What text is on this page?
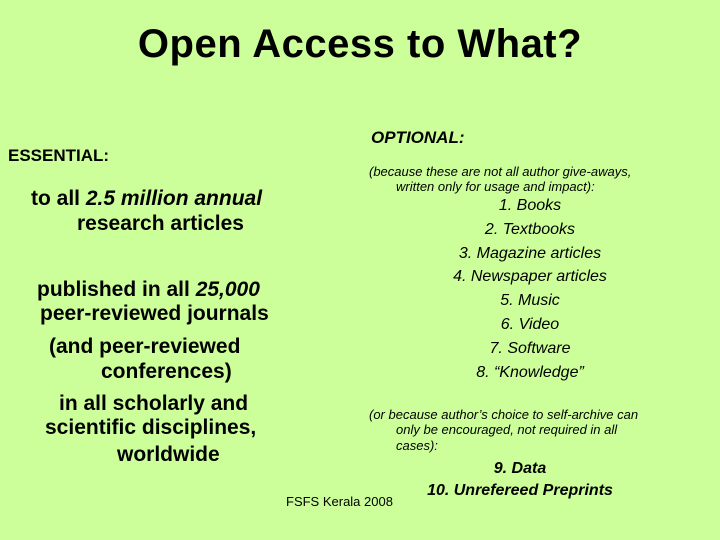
Open Access to What?
ESSENTIAL:
to all 2.5 million annual
research articles
published in all 25,000
peer-reviewed journals
(and peer-reviewed
conferences)
in all scholarly and
scientific disciplines,
worldwide
OPTIONAL:
(because these are not all author give-aways,
written only for usage and impact):
1. Books
2. Textbooks
3. Magazine articles
4. Newspaper articles
5. Music
6. Video
7. Software
8. “Knowledge”
(or because author’s choice to self-archive can
only be encouraged, not required in all
cases):
9. Data
10. Unrefereed Preprints
FSFS Kerala 2008
